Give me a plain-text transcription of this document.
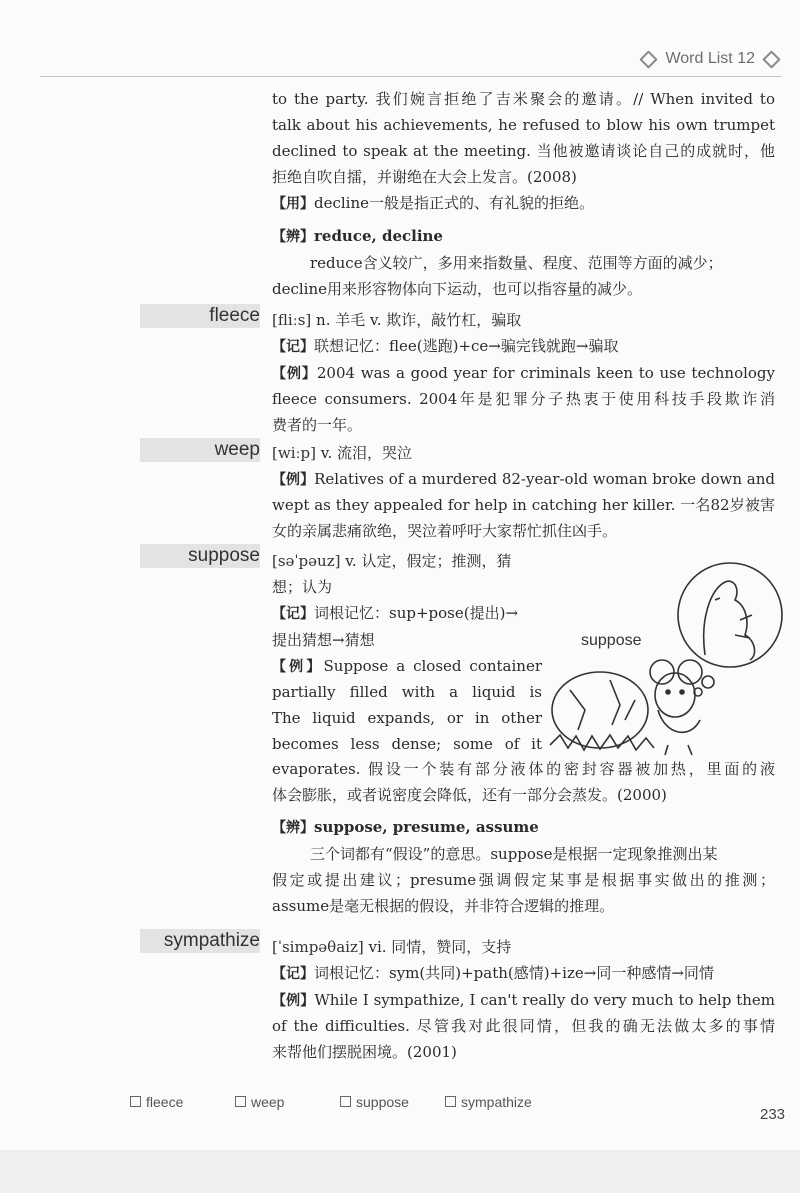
Word List 12
to the party. 我们婉言拒绝了吉米聚会的邀请。// When invited to
talk about his achievements, he refused to blow his own trumpet
declined to speak at the meeting. 当他被邀请谈论自己的成就时，他
拒绝自吹自擂，并谢绝在大会上发言。(2008)
【用】decline一般是指正式的、有礼貌的拒绝。
【辨】reduce, decline
reduce含义较广，多用来指数量、程度、范围等方面的减少；
decline用来形容物体向下运动，也可以指容量的减少。
fleece [fliːs] n. 羊毛 v. 欺诈，敲竹杠，骗取
【记】联想记忆：flee(逃跑)+ce→骗完钱就跑→骗取
【例】2004 was a good year for criminals keen to use technology
fleece consumers. 2004年是犯罪分子热衷于使用科技手段欺诈消
费者的一年。
weep [wiːp] v. 流泪，哭泣
【例】Relatives of a murdered 82-year-old woman broke down and
wept as they appealed for help in catching her killer. 一名82岁被害
女的亲属悲痛欲绝，哭泣着呼吁大家帮忙抓住凶手。
suppose [səˈpəuz] v. 认定，假定；推测，猜
想；认为
【记】词根记忆：sup+pose(提出)→
提出猜想→猜想
【例】Suppose a closed container
partially filled with a liquid is
The liquid expands, or in other
becomes less dense; some of it
evaporates. 假设一个装有部分液体的密封容器被加热，里面的液
体会膨胀，或者说密度会降低，还有一部分会蒸发。(2000)
【辨】suppose, presume, assume
三个词都有“假设”的意思。suppose是根据一定现象推测出某
假定或提出建议；presume强调假定某事是根据事实做出的推测；
assume是毫无根据的假设，并非符合逻辑的推理。
suppose
sympathize [ˈsimpəθaiz] vi. 同情，赞同，支持
【记】词根记忆：sym(共同)+path(感情)+ize→同一种感情→同情
【例】While I sympathize, I can't really do very much to help them
of the difficulties. 尽管我对此很同情，但我的确无法做太多的事情
来帮他们摆脱困境。(2001)
fleece	weep	suppose	sympathize
233
